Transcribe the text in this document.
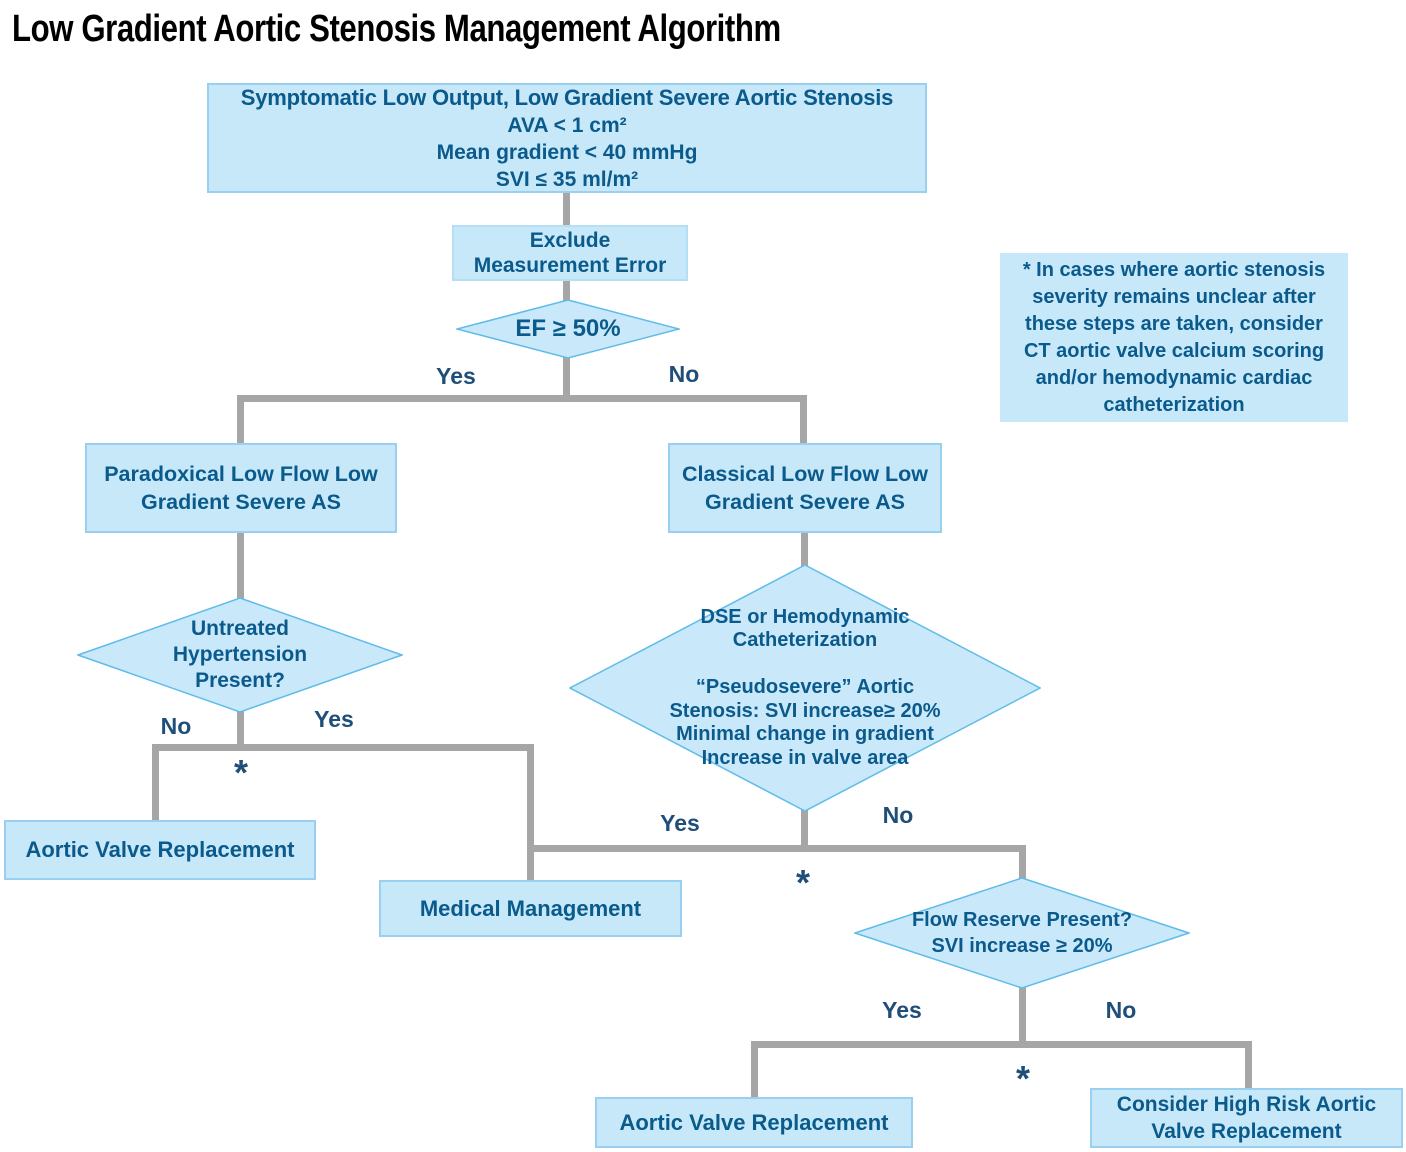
Low Gradient Aortic Stenosis Management Algorithm
Symptomatic Low Output, Low Gradient Severe Aortic Stenosis
AVA < 1 cm²
Mean gradient < 40 mmHg
SVI ≤ 35 ml/m²
Exclude
Measurement Error
EF ≥ 50%
Yes	No
Paradoxical Low Flow Low
Gradient Severe AS
Classical Low Flow Low
Gradient Severe AS
* In cases where aortic stenosis
severity remains unclear after
these steps are taken, consider
CT aortic valve calcium scoring
and/or hemodynamic cardiac
catheterization
Untreated
Hypertension
Present?
No	Yes
*
DSE or Hemodynamic
Catheterization

“Pseudosevere” Aortic
Stenosis: SVI increase≥ 20%
Minimal change in gradient
Increase in valve area
Yes	No
*
Aortic Valve Replacement
Medical Management	Flow Reserve Present?
SVI increase ≥ 20%
Yes	No
*
Aortic Valve Replacement
Consider High Risk Aortic
Valve Replacement
